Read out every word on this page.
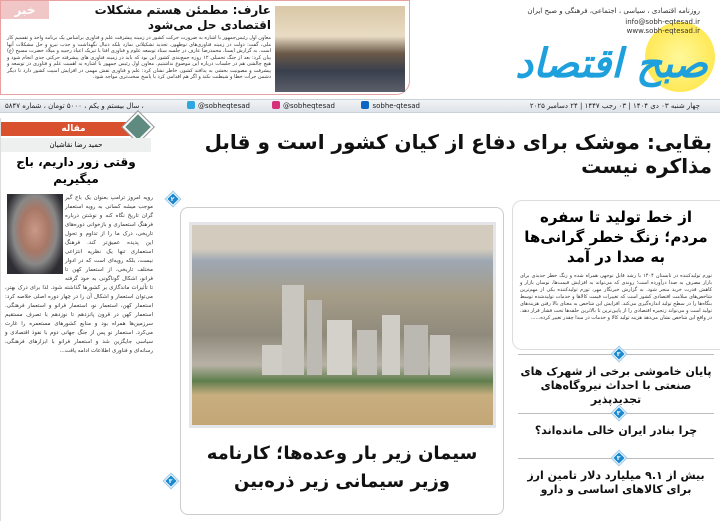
خبر	عارف: مطمئن هستم مشکلات اقتصادی حل می‌شود
معاون اول رئیس‌جمهور با اشاره به ضرورت حرکت کشور در زمینه پیشرفت علم و فناوری براساس یک برنامه واحد و تقسیم کار ملی، گفت: دولت در زمینه فناوری‌های نوظهور، تجدید تشکیلاتی نمازد بلکه دنبال نگهداشت و جذب نیرو و حل مشکلات آنها است. به گزارش ایسنا، محمدرضا عارف در جلسه ستاد توسعه علوم و فناوری افتا با تبریک اعیاد رجبیه و میلاد حضرت مسیح (ع) بیان کرد: بعد از جنگ تحمیلی ۱۲ روزه جمع‌بندی کشور این بود که باید در زمینه فناوری های پیشرفته حرکتی جدی انجام شود و هیچ چالشی هم در جلسات درباره این موضوع نداشتیم. معاون اول رئیس جمهور با اشاره به اهمیت علم و فناوری در توسعه و پیشرفت و مصونیت بخشی به پدافند کشور، خاطر نشان کرد: علم و فناوری نقش مهمی در افزایش امنیت کشور دارد تا دیگر دشمن جرأت خطا و شیطنت نکند و اگر هم اقدامی کرد با پاسخ سخت‌تری مواجه شود.
روزنامه اقتصادی ، سیاسی ، اجتماعی، فرهنگی و صبح ایران
info@sobh-eqtesad.ir
www.sobh-eqtesad.ir
صبح اقتصاد
چهار شنبه ۰۳ دی ۱۴۰۴ | ۰۳ رجب ۱۴۴۷ | ۲۴ دسامبر ۲۰۲۵
sobhe-qtesad
@sobheqtesad
@sobheqtesad
، سال بیستم و یکم ، ۵۰۰۰ تومان ، شماره ۵۸۴۷
مقاله
حمید رضا نقاشیان
وقتی زور داریم، باج میگیریم
رویه امروز ترامپ بعنوان یک باج گیر موجب میشه کسانی به رویه استعمار گران تاریخ نگاه کنه و نوشتن درباره فرهنگ استعماری و بازخوانی دوره‌های تاریخی، درک ما را از تداوم و تحول این پدیده عمیق‌تر کند. فرهنگ استعماری تنها یک نظریه انتزاعی نیست، بلکه رویه‌ای است که در ادوار مختلف تاریخی، از استعمار کهن تا فرانو، اشکال گوناگونی به خود گرفته تا تأثیرات ماندگاری بر کشورها گذاشته شود. لذا برای درک بهتر، می‌توان استعمار و اشکال آن را در چهار دوره اصلی خلاصه کرد: استعمار کهن، استعمار نو، استعمار فرانو و استعمار فرهنگی. استعمار کهن در قرون پانزدهم تا نوزدهم با تصرف مستقیم سرزمین‌ها همراه بود و منابع کشورهای مستعمره را غارت می‌کرد. استعمار نو پس از جنگ جهانی دوم با نفوذ اقتصادی و سیاسی جایگزین شد و استعمار فرانو با ابزارهای فرهنگی، رسانه‌ای و فناوری اطلاعات ادامه یافت...
بقایی: موشک برای دفاع از کیان کشور است و قابل مذاکره نیست
۲
سیمان زیر بار وعده‌ها؛ کارنامه وزیر سیمانی زیر ذره‌بین
۳
از خط تولید تا سفره مردم؛ زنگ خطر گرانی‌ها به صدا در آمد
تورم تولیدکننده در تابستان ۱۴۰۴ با رشد قابل توجهی همراه شده و زنگ خطر جدیدی برای بازار مصرف به صدا درآورده است؛ روندی که می‌تواند به افزایش قیمت‌ها، نوسان بازار و کاهش قدرت خرید منجر شود. به گزارش خبرنگار مهر، تورم تولیدکننده یکی از مهم‌ترین شاخص‌های سلامت اقتصادی کشور است که تغییرات قیمت کالاها و خدمات تولیدشده توسط بنگاه‌ها را در سطح تولید اندازه‌گیری می‌کند. افزایش این شاخص به معنای بالا رفتن هزینه‌های تولید است و می‌تواند زنجیره اقتصادی را از پایین‌ترین تا بالاترین حلقه‌ها تحت فشار قرار دهد. در واقع این شاخص نشان می‌دهد هزینه تولید کالا و خدمات در مبدا چقدر تغییر کرده......
۳
پایان خاموشی برخی از شهرک های صنعتی با احداث نیروگاه‌های تجدیدپذیر
۳
چرا بنادر ایران خالی مانده‌اند؟
۳
بیش از ۹.۱ میلیارد دلار تامین ارز برای کالاهای اساسی و دارو
